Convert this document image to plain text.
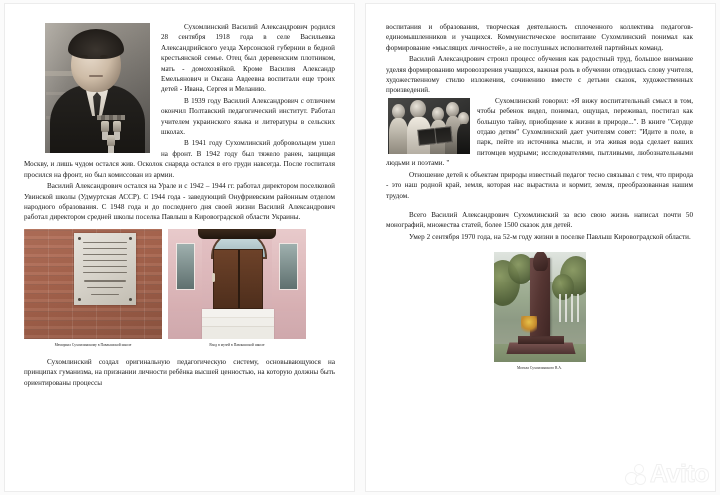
Сухомлинский Василий Александрович родился 28 сентября 1918 года в селе Васильевка Александрийского уезда Херсонской губернии в бедной крестьянской семье. Отец был деревенским плотником, мать - домохозяйкой. Кроме Василия Александр Емельянович и Оксана Авдеевна воспитали еще троих детей - Ивана, Сергея и Меланию.

В 1939 году Василий Александрович с отличием окончил Полтавский педагогический институт. Работал учителем украинского языка и литературы в сельских школах.

В 1941 году Сухомлинский добровольцем ушел на фронт. В 1942 году был тяжело ранен, защищая Москву, и лишь чудом остался жив. Осколок снаряда остался в его груди навсегда. После госпиталя просился на фронт, но был комиссован из армии.

Василий Александрович остался на Урале и с 1942 – 1944 гг. работал директором поселковой Увинской школы (Удмуртская АССР). С 1944 года - заведующий Онуфриевским районным отделом народного образования. С 1948 года и до последнего дня своей жизни Василий Александрович работал директором средней школы поселка Павлыш в Кировоградской области Украины.

Мемориал Сухомлинскому в Павлышской школе	Вход в музей в Павлышской школе

Сухомлинский создал оригинальную педагогическую систему, основывающуюся на принципах гуманизма, на признании личности ребёнка высшей ценностью, на которую должны быть ориентированы процессы

воспитания и образования, творческая деятельность сплоченного коллектива педагогов-единомышленников и учащихся. Коммунистическое воспитание Сухомлинский понимал как формирование «мыслящих личностей», а не послушных исполнителей партийных команд.

Василий Александрович строил процесс обучения как радостный труд, большое внимание уделяя формированию мировоззрения учащихся, важная роль в обучении отводилась слову учителя, художественному стилю изложения, сочинению вместе с детьми сказок, художественных произведений.

Сухомлинский говорил: «Я вижу воспитательный смысл в том, чтобы ребенок видел, понимал, ощущал, переживал, постигал как большую тайну, приобщение к жизни в природе...". В книге "Сердце отдаю детям" Сухомлинский дает учителям совет: "Идите в поле, в парк, пейте из источника мысли, и эта живая вода сделает ваших питомцев мудрыми; исследователями, пытливыми, любознательными людьми и поэтами. "

Отношение детей к объектам природы известный педагог тесно связывал с тем, что природа - это наш родной край, земля, которая нас вырастила и кормит, земля, преобразованная нашим трудом.

Всего Василий Александрович Сухомлинский за всю свою жизнь написал почти 50 монографий, множества статей, более 1500 сказок для детей.

Умер 2 сентября 1970 года, на 52-м году жизни в поселке Павлыш Кировоградской области.

Могила Сухомлинского В.А.
Avito
